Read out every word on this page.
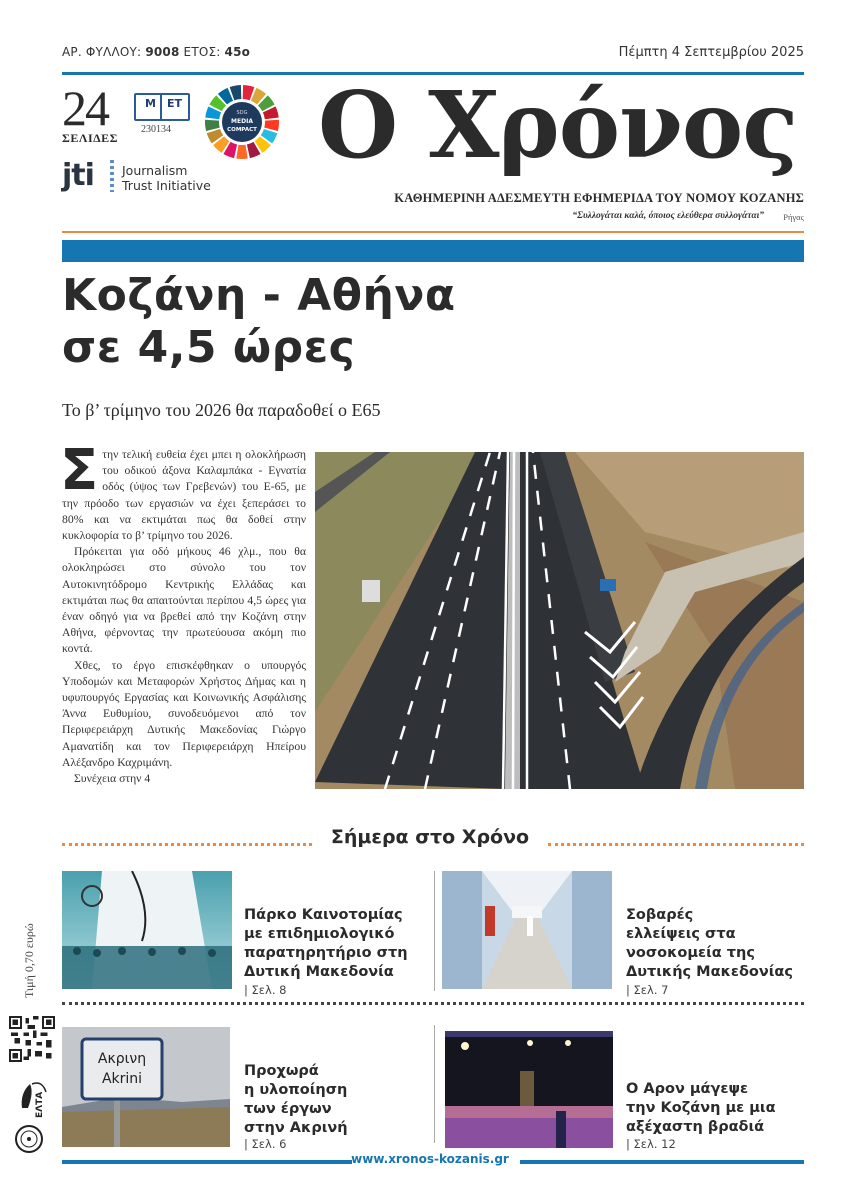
ΑΡ. ΦΥΛΛΟΥ: 9008 ΕΤΟΣ: 45ο	Πέμπτη 4 Σεπτεμβρίου 2025
24
ΣΕΛΙΔΕΣ
Μ ΕΤ
230134
SDG
MEDIA
COMPACT
jti Journalism
Trust Initiative
Ο Χρόνος
ΚΑΘΗΜΕΡΙΝΗ ΑΔΕΣΜΕΥΤΗ ΕΦΗΜΕΡΙΔΑ ΤΟΥ ΝΟΜΟΥ ΚΟΖΑΝΗΣ
“Συλλογάται καλά, όποιος ελεύθερα συλλογάται” Ρήγας
Κοζάνη - Αθήνα
σε 4,5 ώρες
Το β’ τρίμηνο του 2026 θα παραδοθεί ο Ε65

Στην τελική ευθεία έχει μπει η ολοκλήρωση του οδικού άξονα Καλαμπάκα - Εγνατία οδός (ύψος των Γρεβενών) του Ε-65, με την πρόοδο των εργασιών να έχει ξεπεράσει το 80% και να εκτιμάται πως θα δοθεί στην κυκλοφορία το β’ τρίμηνο του 2026.

Πρόκειται για οδό μήκους 46 χλμ., που θα ολοκληρώσει στο σύνολο του τον Αυτοκινητόδρομο Κεντρικής Ελλάδας και εκτιμάται πως θα απαιτούνται περίπου 4,5 ώρες για έναν οδηγό για να βρεθεί από την Κοζάνη στην Αθήνα, φέρνοντας την πρωτεύουσα ακόμη πιο κοντά.

Χθες, το έργο επισκέφθηκαν ο υπουργός Υποδομών και Μεταφορών Χρήστος Δήμας και η υφυπουργός Εργασίας και Κοινωνικής Ασφάλισης Άννα Ευθυμίου, συνοδευόμενοι από τον Περιφερειάρχη Δυτικής Μακεδονίας Γιώργο Αμανατίδη και τον Περιφερειάρχη Ηπείρου Αλέξανδρο Καχριμάνη.

Συνέχεια στην 4

Σήμερα στο Χρόνο
Πάρκο Καινοτομίας
με επιδημιολογικό
παρατηρητήριο στη
Δυτική Μακεδονία
| Σελ. 8
Σοβαρές
ελλείψεις στα
νοσοκομεία της
Δυτικής Μακεδονίας
| Σελ. 7
Ακρινη
Akrini	Προχωρά
η υλοποίηση
των έργων
στην Ακρινή
| Σελ. 6
Ο Αρον μάγεψε
την Κοζάνη με μια
αξέχαστη βραδιά
| Σελ. 12
Τιμή 0,70 ευρώ
ΕΛΤΑ
www.xronos-kozanis.gr
